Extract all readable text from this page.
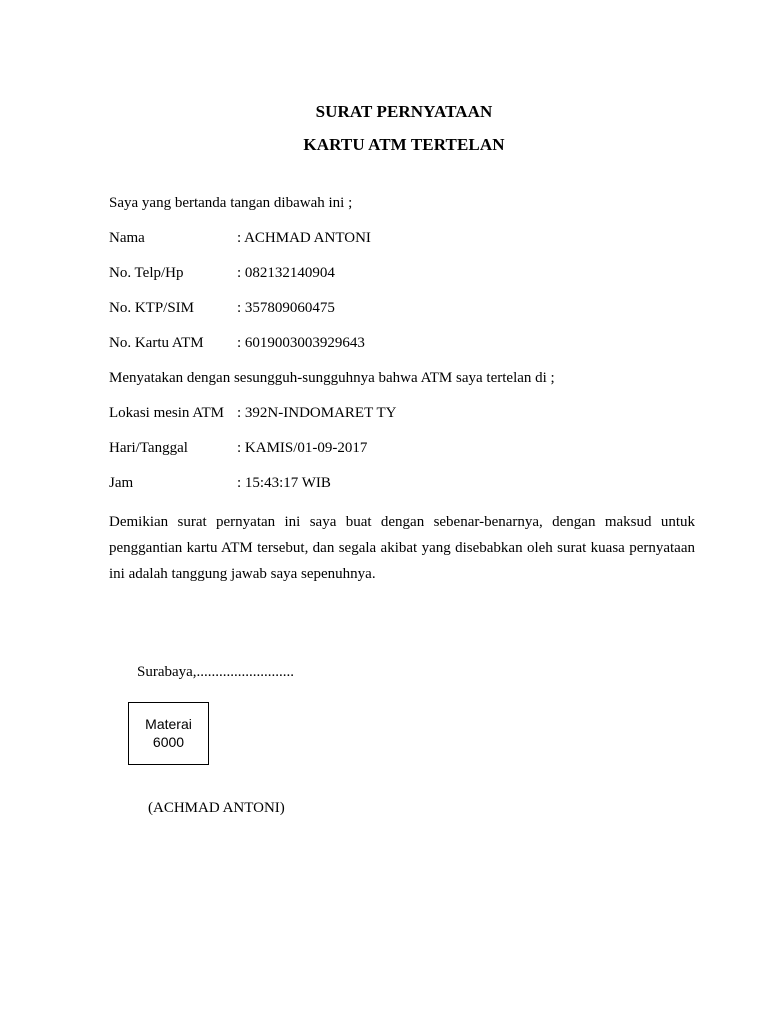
SURAT PERNYATAAN
KARTU ATM TERTELAN
Saya yang bertanda tangan dibawah ini ;
Nama	: ACHMAD ANTONI
No. Telp/Hp	: 082132140904
No. KTP/SIM	: 357809060475
No. Kartu ATM	: 6019003003929643
Menyatakan dengan sesungguh-sungguhnya bahwa ATM saya tertelan di ;
Lokasi mesin ATM : 392N-INDOMARET TY
Hari/Tanggal	: KAMIS/01-09-2017
Jam	: 15:43:17 WIB
Demikian surat pernyatan ini saya buat dengan sebenar-benarnya, dengan maksud untuk penggantian kartu ATM tersebut, dan segala akibat yang disebabkan oleh surat kuasa pernyataan ini adalah tanggung jawab saya sepenuhnya.
Surabaya,..........................
Materai
6000
(ACHMAD ANTONI)
